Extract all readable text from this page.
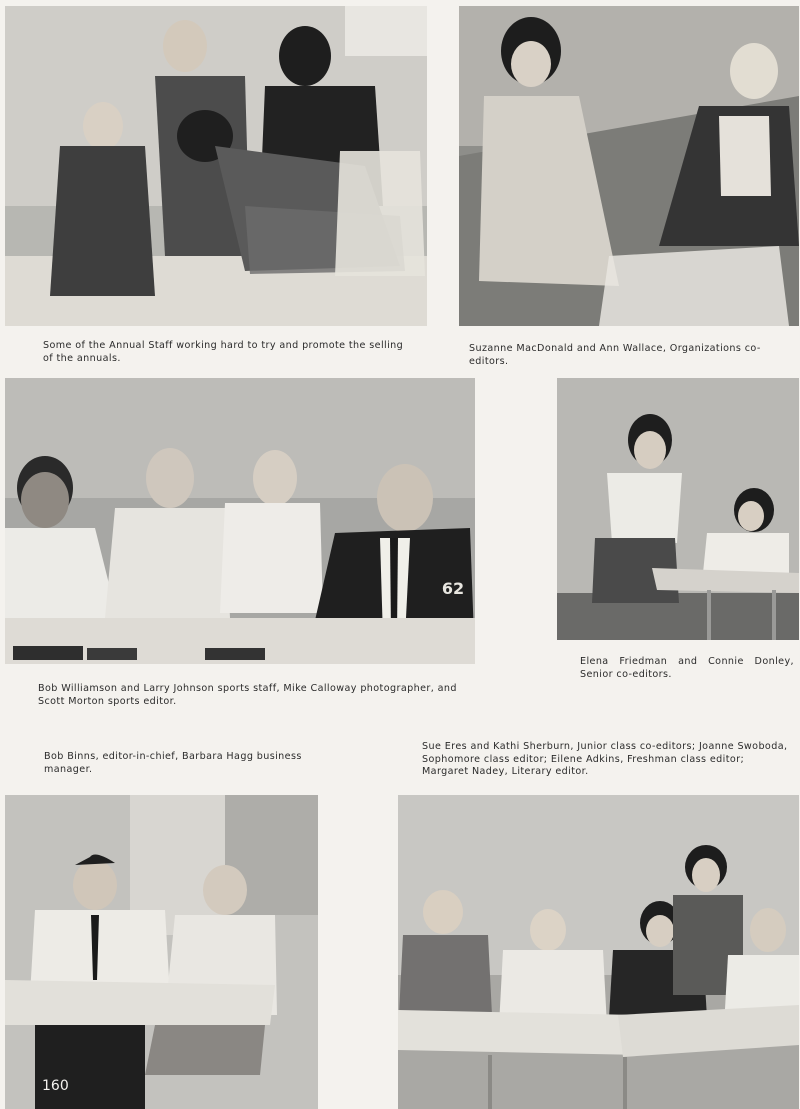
Some of the Annual Staff working hard to try and promote the selling of the annuals.

Suzanne MacDonald and Ann Wallace, Organizations co-editors.

62

Bob Williamson and Larry Johnson sports staff, Mike Calloway photographer, and Scott Morton sports editor.

Elena Friedman and Connie Donley, Senior co-editors.

Bob Binns, editor-in-chief, Barbara Hagg business manager.

Sue Eres and Kathi Sherburn, Junior class co-editors; Joanne Swoboda, Sophomore class editor; Eilene Adkins, Freshman class editor; Margaret Nadey, Literary editor.

160
